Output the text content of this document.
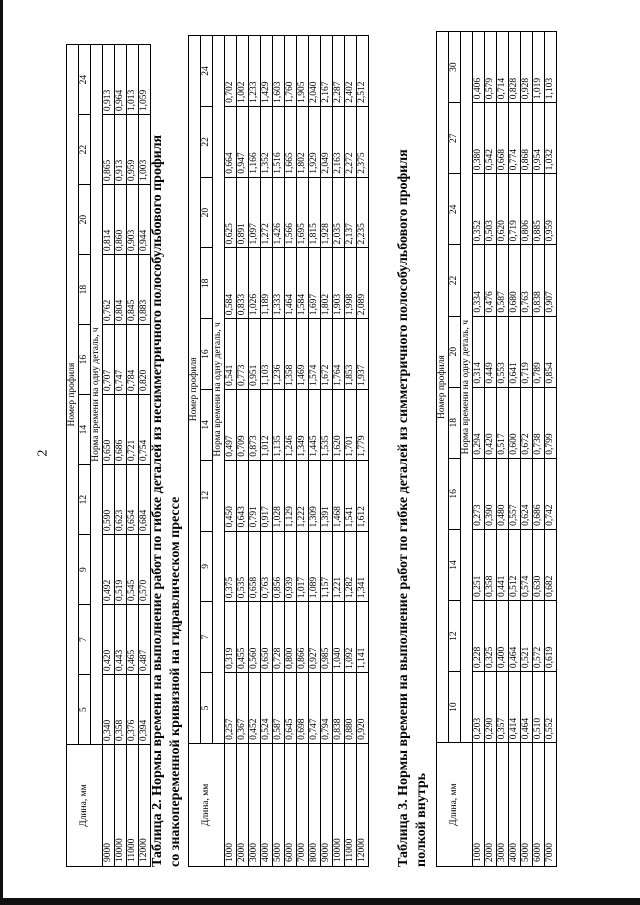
2
Длина, мм	Номер профиля									
	5	7	9	12	14	16	18	20	22	24
	Норма времени на одну деталь, ч									
9000	0,340	0,420	0,492	0,590	0,650	0,707	0,762	0,814	0,865	0,913
10000	0,358	0,443	0,519	0,623	0,686	0,747	0,804	0,860	0,913	0,964
11000	0,376	0,465	0,545	0,654	0,721	0,784	0,845	0,903	0,959	1,013
12000	0,394	0,487	0,570	0,684	0,754	0,820	0,883	0,944	1,003	1,059
Таблица 2. Нормы времени на выполнение работ по гибке деталей из несимметричного полособульбового профиля со знакопеременной кривизной на гидравлическом прессе Длина, мм	Номер профиля									
	5	7	9	12	14	16	18	20	22	24
	Норма времени на одну деталь, ч									
1000	0,257	0,319	0,375	0,450	0,497	0,541	0,584	0,625	0,664	0,702
2000	0,367	0,455	0,535	0,643	0,709	0,773	0,833	0,891	0,947	1,002
3000	0,452	0,560	0,658	0,791	0,873	0,951	1,026	1,097	1,166	1,233
4000	0,524	0,650	0,763	0,917	1,012	1,103	1,189	1,272	1,352	1,429
5000	0,587	0,728	0,856	1,028	1,135	1,236	1,333	1,426	1,516	1,603
6000	0,645	0,800	0,939	1,129	1,246	1,358	1,464	1,566	1,665	1,760
7000	0,698	0,866	1,017	1,222	1,349	1,469	1,584	1,695	1,802	1,905
8000	0,747	0,927	1,089	1,309	1,445	1,574	1,697	1,815	1,929	2,040
9000	0,794	0,985	1,157	1,391	1,535	1,672	1,802	1,928	2,049	2,167
10000	0,838	1,040	1,221	1,468	1,620	1,764	1,903	2,035	2,163	2,287
11000	0,880	1,092	1,282	1,541	1,701	1,853	1,998	2,137	2,272	2,402
12000	0,920	1,141	1,341	1,612	1,779	1,937	2,089	2,235	2,375	2,512
Таблица 3. Нормы времени на выполнение работ по гибке деталей из симметричного полособульбового профиля полкой внутрь Длина, мм	Номер профиля									
	10	12	14	16	18	20	22	24	27	30
	Норма времени на одну деталь, ч									
1000	0,203	0,228	0,251	0,273	0,294	0,314	0,334	0,352	0,380	0,406
2000	0,290	0,325	0,358	0,390	0,420	0,449	0,476	0,503	0,542	0,579
3000	0,357	0,400	0,441	0,480	0,517	0,553	0,587	0,620	0,668	0,714
4000	0,414	0,464	0,512	0,557	0,600	0,641	0,680	0,719	0,774	0,828
5000	0,464	0,521	0,574	0,624	0,672	0,719	0,763	0,806	0,868	0,928
6000	0,510	0,572	0,630	0,686	0,738	0,789	0,838	0,885	0,954	1,019
7000	0,552	0,619	0,682	0,742	0,799	0,854	0,907	0,959	1,032	1,103
